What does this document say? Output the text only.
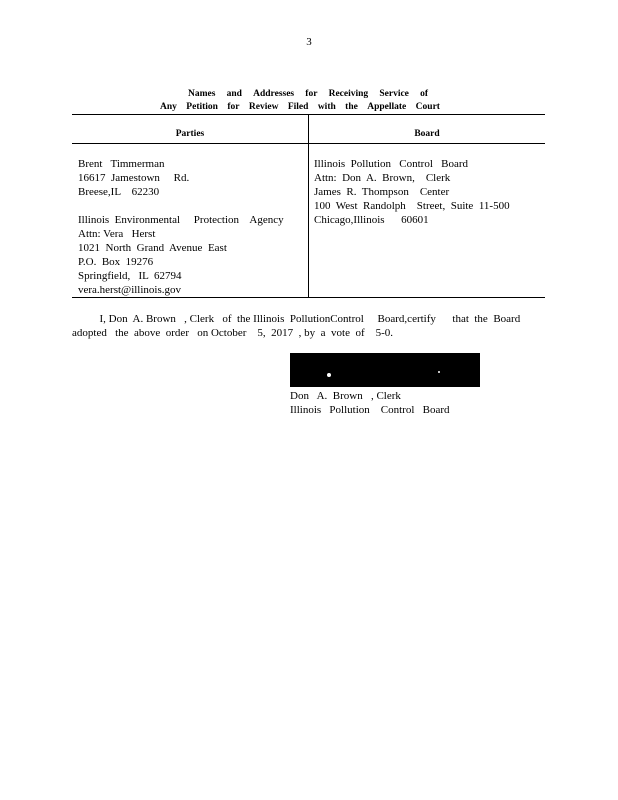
3
Names and Addresses for Receiving Service of
Any Petition for Review Filed with the Appellate Court
Parties	Board
Brent   Timmerman
16617  Jamestown     Rd.
Breese,IL    62230
Illinois  Environmental     Protection    Agency
Attn: Vera   Herst
1021  North  Grand  Avenue  East
P.O.  Box  19276
Springfield,   IL  62794
vera.herst@illinois.gov
Illinois  Pollution   Control   Board
Attn:  Don  A.  Brown,    Clerk
James  R.  Thompson    Center
100  West  Randolph    Street,  Suite  11-500
Chicago,Illinois      60601
I, Don  A. Brown   , Clerk   of  the Illinois  PollutionControl     Board,certify      that  the  Board
adopted   the  above  order   on October    5,  2017  , by  a  vote  of    5-0.
Don   A.  Brown   , Clerk
Illinois   Pollution    Control   Board
